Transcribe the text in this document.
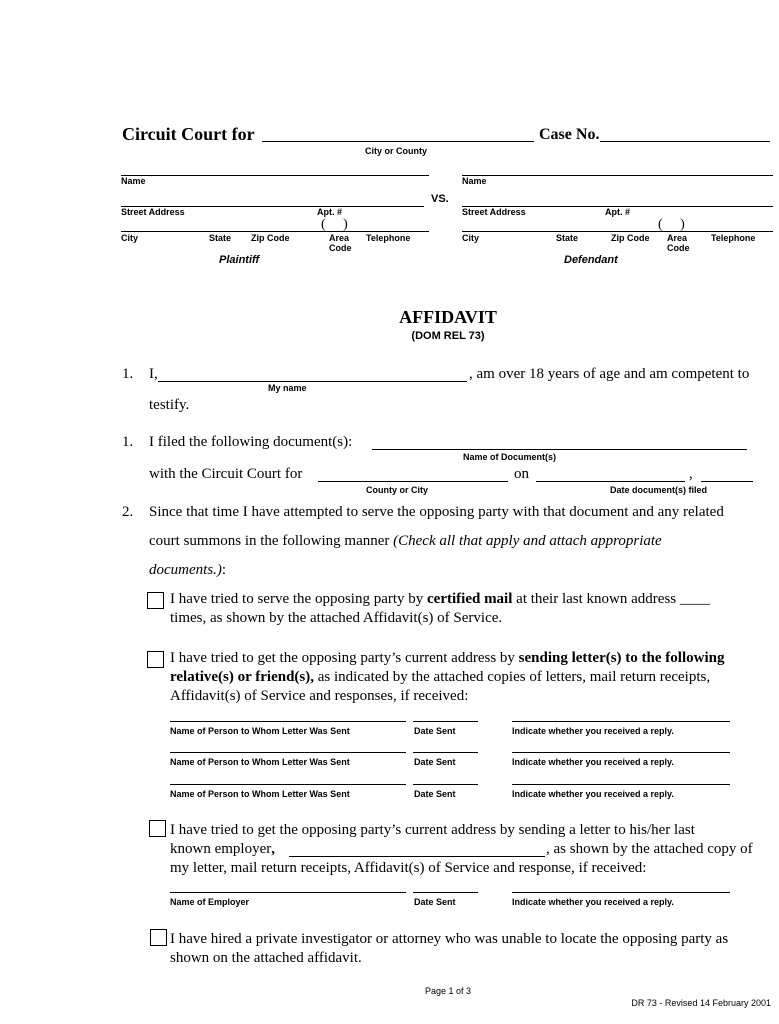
Circuit Court for
City or County
Case No.
Name
Street Address	Apt. #
(     )
City	State Zip Code	Area Code
Telephone
Plaintiff
VS.
Name
Street Address	Apt. #
(     )
City	State	Zip Code Area Code
Telephone
Defendant
AFFIDAVIT
(DOM REL 73)
1. I,
My name
, am over 18 years of age and am competent to
testify.
1. I filed the following document(s):
Name of Document(s)
with the Circuit Court for
County or City
on	,
Date document(s) filed
2. Since that time I have attempted to serve the opposing party with that document and any related
court summons in the following manner (Check all that apply and attach appropriate
documents.):
I have tried to serve the opposing party by certified mail at their last known address ____
times, as shown by the attached Affidavit(s) of Service.
I have tried to get the opposing party’s current address by sending letter(s) to the following
relative(s) or friend(s), as indicated by the attached copies of letters, mail return receipts,
Affidavit(s) of Service and responses, if received:
Name of Person to Whom Letter Was Sent	Date Sent	Indicate whether you received a reply.
Name of Person to Whom Letter Was Sent	Date Sent	Indicate whether you received a reply.
Name of Person to Whom Letter Was Sent	Date Sent	Indicate whether you received a reply.
I have tried to get the opposing party’s current address by sending a letter to his/her last
known employer,	, as shown by the attached copy of
my letter, mail return receipts, Affidavit(s) of Service and response, if received:
Name of Employer	Date Sent	Indicate whether you received a reply.
I have hired a private investigator or attorney who was unable to locate the opposing party as
shown on the attached affidavit.
Page 1 of 3
DR 73 - Revised 14 February 2001
